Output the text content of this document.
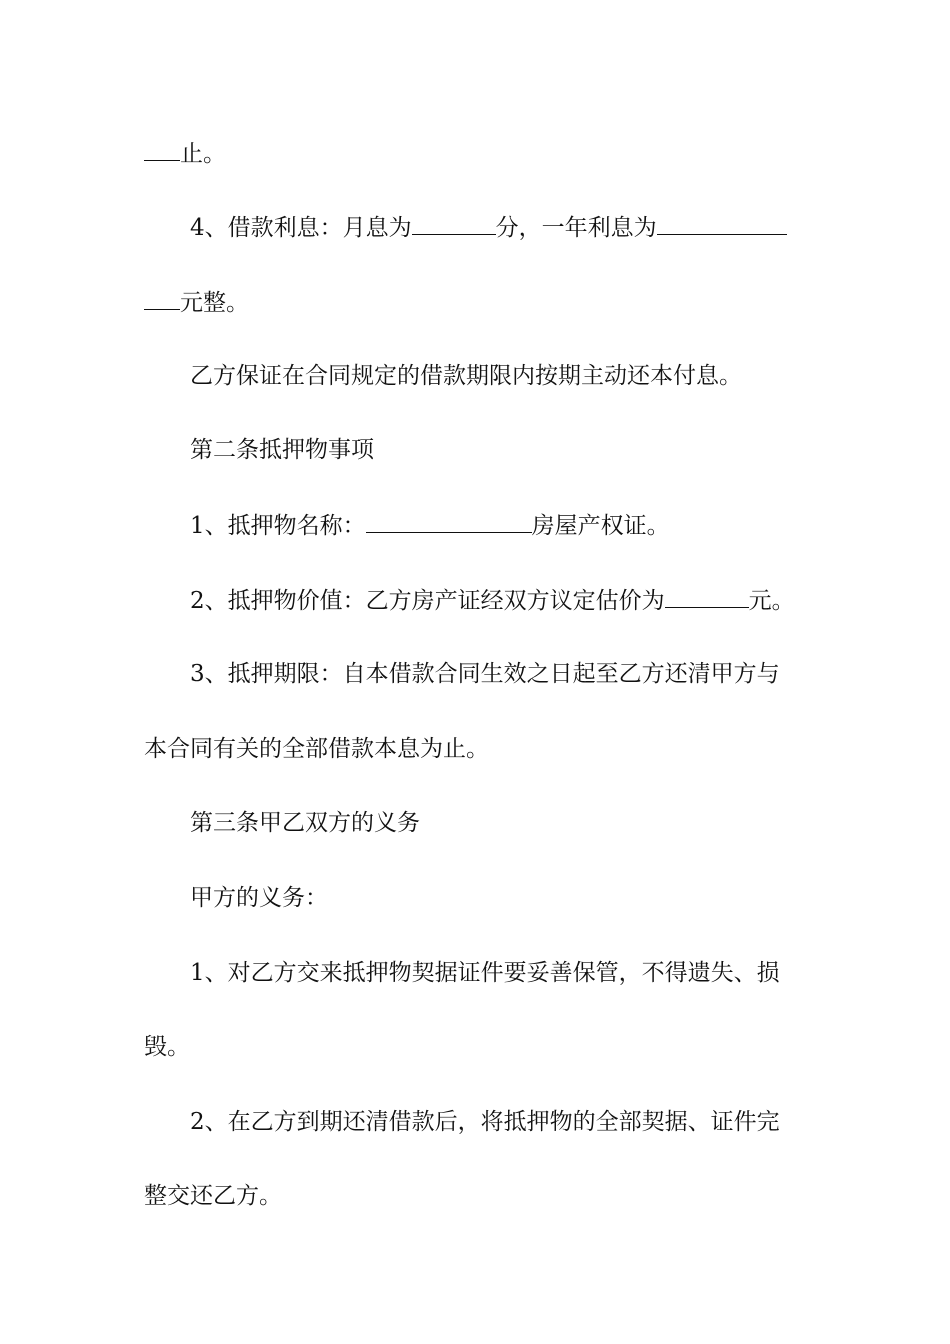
止。
4、借款利息：月息为	分，一年利息为
元整。
乙方保证在合同规定的借款期限内按期主动还本付息。
第二条抵押物事项
1、抵押物名称：	房屋产权证。
2、抵押物价值：乙方房产证经双方议定估价为	元。
3、抵押期限：自本借款合同生效之日起至乙方还清甲方与
本合同有关的全部借款本息为止。
第三条甲乙双方的义务
甲方的义务：
1、对乙方交来抵押物契据证件要妥善保管，不得遗失、损
毁。
2、在乙方到期还清借款后，将抵押物的全部契据、证件完
整交还乙方。
